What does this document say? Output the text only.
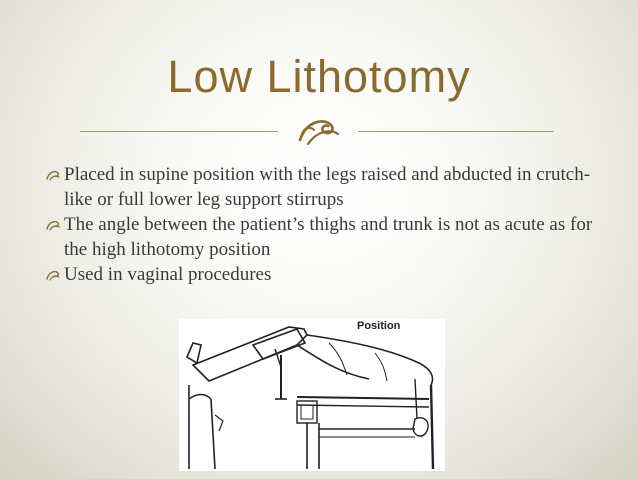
Low Lithotomy
Placed in supine position with the legs raised and abducted in crutch-like or full lower leg support stirrups
The angle between the patient’s thighs and trunk is not as acute as for the high lithotomy position
Used in vaginal procedures
Position
